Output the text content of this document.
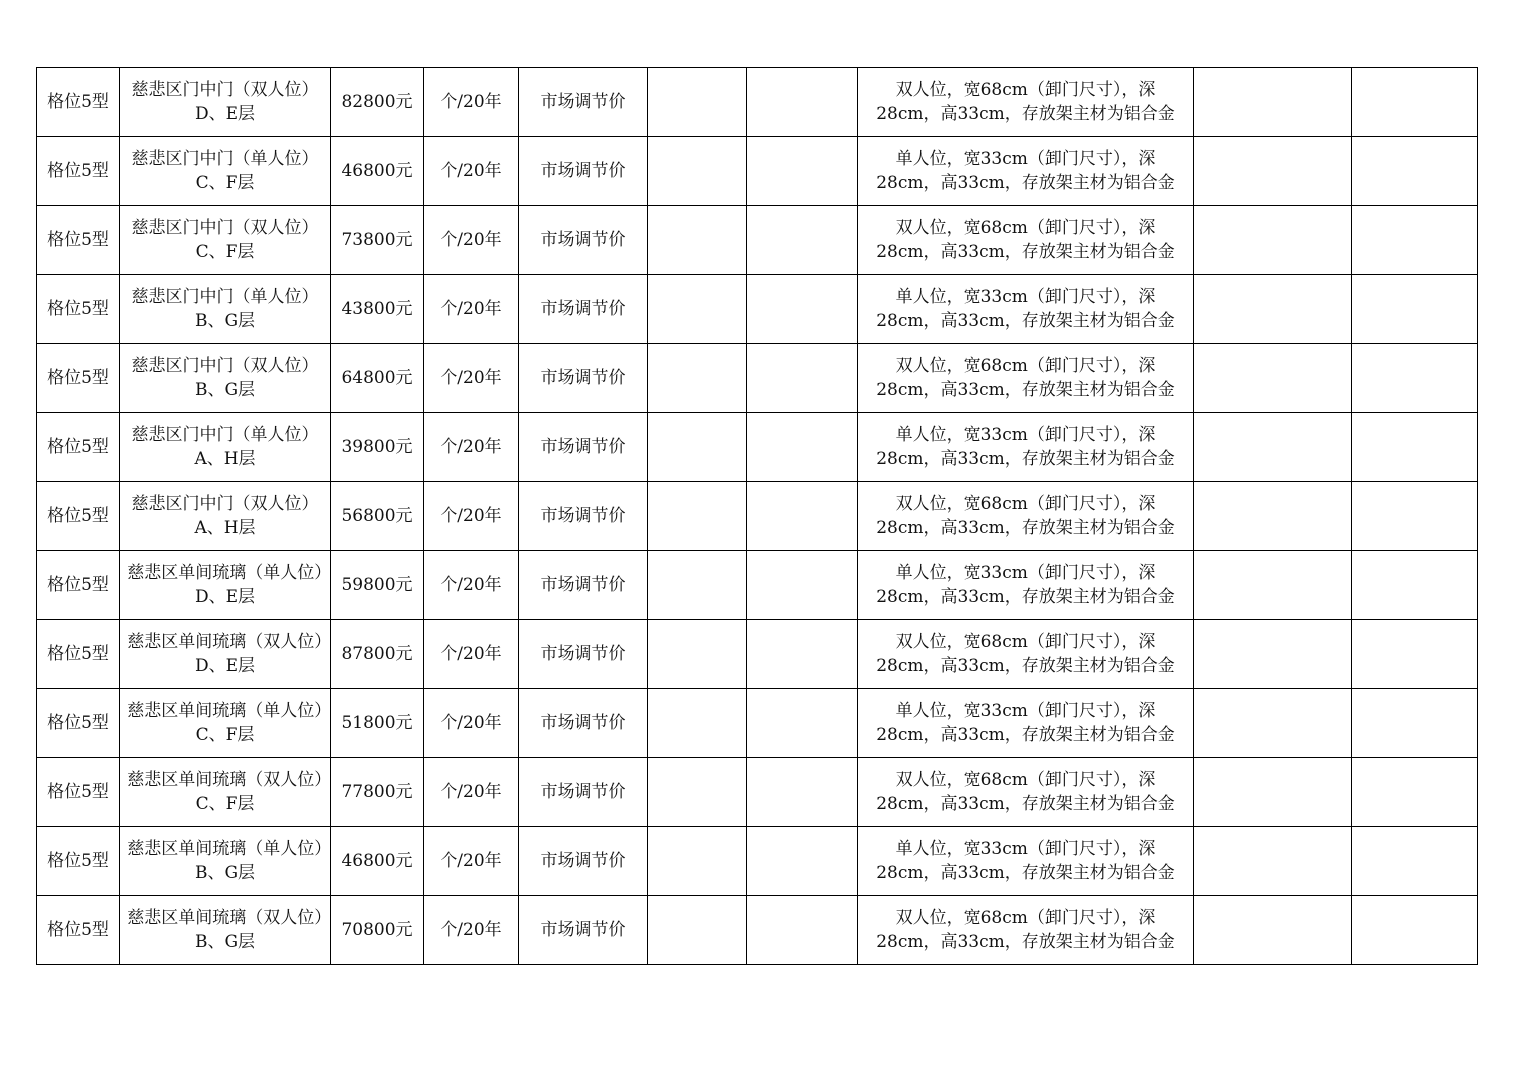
格位5型	慈悲区门中门（双人位）D、E层	82800元	个/20年	市场调节价			双人位，宽68cm（卸门尺寸），深28cm，高33cm，存放架主材为铝合金		
格位5型	慈悲区门中门（单人位）C、F层	46800元	个/20年	市场调节价			单人位，宽33cm（卸门尺寸），深28cm，高33cm，存放架主材为铝合金		
格位5型	慈悲区门中门（双人位）C、F层	73800元	个/20年	市场调节价			双人位，宽68cm（卸门尺寸），深28cm，高33cm，存放架主材为铝合金		
格位5型	慈悲区门中门（单人位）B、G层	43800元	个/20年	市场调节价			单人位，宽33cm（卸门尺寸），深28cm，高33cm，存放架主材为铝合金		
格位5型	慈悲区门中门（双人位）B、G层	64800元	个/20年	市场调节价			双人位，宽68cm（卸门尺寸），深28cm，高33cm，存放架主材为铝合金		
格位5型	慈悲区门中门（单人位）A、H层	39800元	个/20年	市场调节价			单人位，宽33cm（卸门尺寸），深28cm，高33cm，存放架主材为铝合金		
格位5型	慈悲区门中门（双人位）A、H层	56800元	个/20年	市场调节价			双人位，宽68cm（卸门尺寸），深28cm，高33cm，存放架主材为铝合金		
格位5型	慈悲区单间琉璃（单人位）D、E层	59800元	个/20年	市场调节价			单人位，宽33cm（卸门尺寸），深28cm，高33cm，存放架主材为铝合金		
格位5型	慈悲区单间琉璃（双人位）D、E层	87800元	个/20年	市场调节价			双人位，宽68cm（卸门尺寸），深28cm，高33cm，存放架主材为铝合金		
格位5型	慈悲区单间琉璃（单人位）C、F层	51800元	个/20年	市场调节价			单人位，宽33cm（卸门尺寸），深28cm，高33cm，存放架主材为铝合金		
格位5型	慈悲区单间琉璃（双人位）C、F层	77800元	个/20年	市场调节价			双人位，宽68cm（卸门尺寸），深28cm，高33cm，存放架主材为铝合金		
格位5型	慈悲区单间琉璃（单人位）B、G层	46800元	个/20年	市场调节价			单人位，宽33cm（卸门尺寸），深28cm，高33cm，存放架主材为铝合金		
格位5型	慈悲区单间琉璃（双人位）B、G层	70800元	个/20年	市场调节价			双人位，宽68cm（卸门尺寸），深28cm，高33cm，存放架主材为铝合金		
